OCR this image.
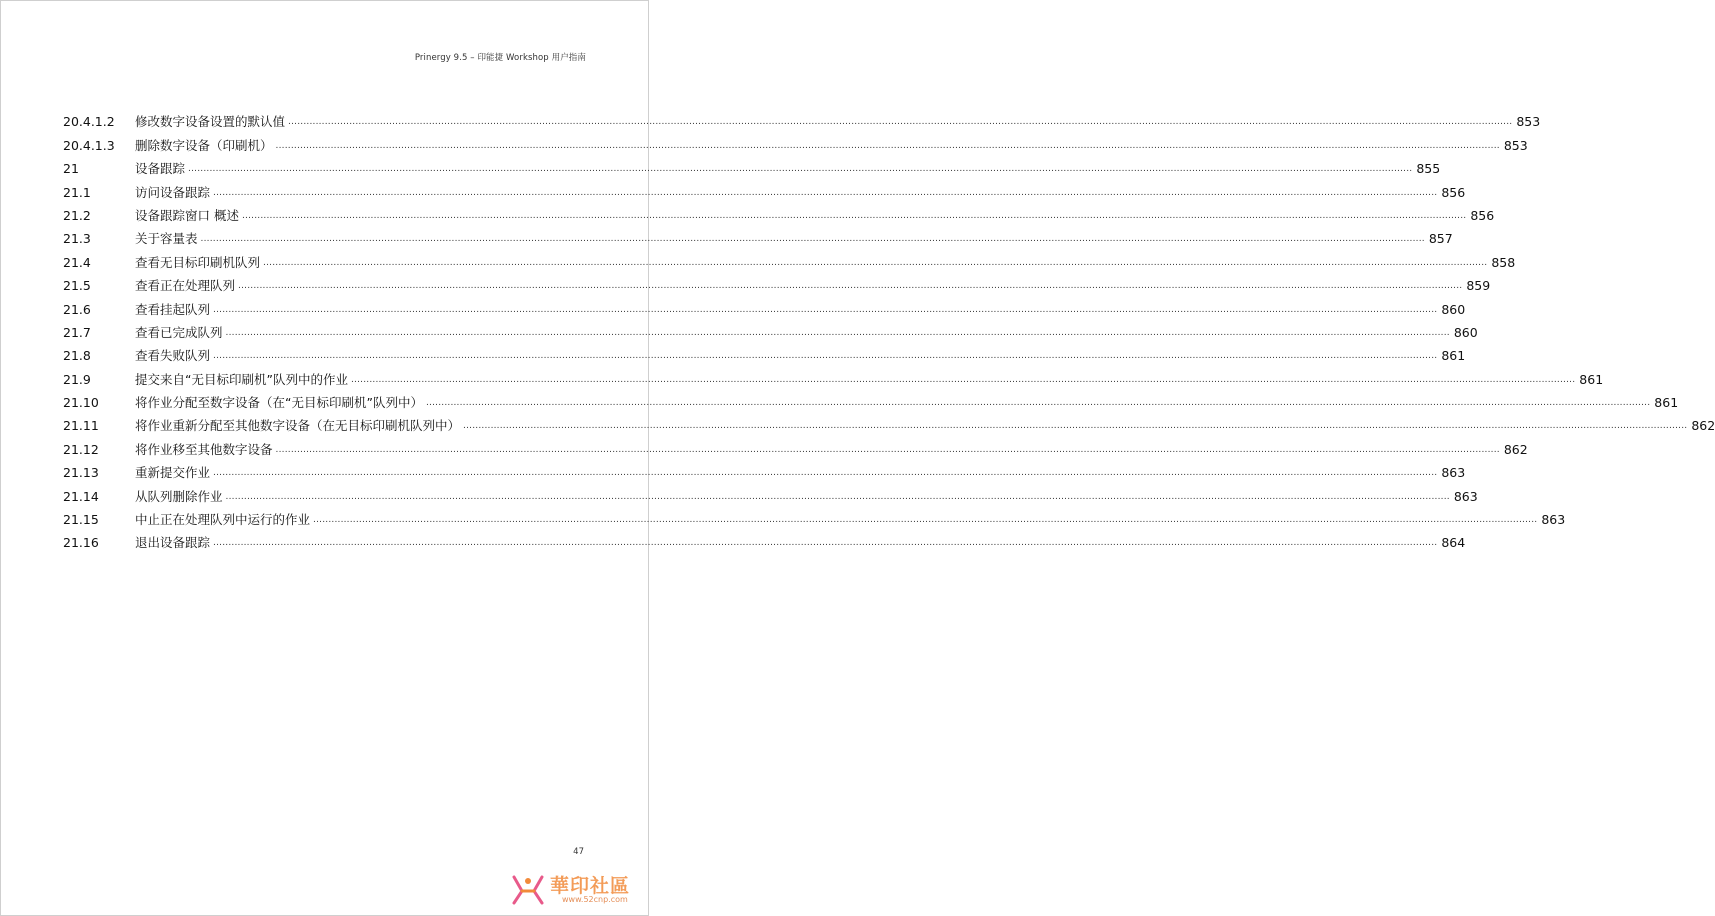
Prinergy 9.5 – 印能捷 Workshop 用户指南
20.4.1.2	修改数字设备设置的默认值 ................................................................................................................................................................................................................................................................................................................................................................................................................ 853
20.4.1.3	删除数字设备（印刷机） ................................................................................................................................................................................................................................................................................................................................................................................................................ 853
21	设备跟踪 ................................................................................................................................................................................................................................................................................................................................................................................................................ 855
21.1	访问设备跟踪 ................................................................................................................................................................................................................................................................................................................................................................................................................ 856
21.2	设备跟踪窗口 概述 ................................................................................................................................................................................................................................................................................................................................................................................................................ 856
21.3	关于容量表 ................................................................................................................................................................................................................................................................................................................................................................................................................ 857
21.4	查看无目标印刷机队列 ................................................................................................................................................................................................................................................................................................................................................................................................................ 858
21.5	查看正在处理队列 ................................................................................................................................................................................................................................................................................................................................................................................................................ 859
21.6	查看挂起队列 ................................................................................................................................................................................................................................................................................................................................................................................................................ 860
21.7	查看已完成队列 ................................................................................................................................................................................................................................................................................................................................................................................................................ 860
21.8	查看失败队列 ................................................................................................................................................................................................................................................................................................................................................................................................................ 861
21.9	提交来自“无目标印刷机”队列中的作业 ................................................................................................................................................................................................................................................................................................................................................................................................................ 861
21.10	将作业分配至数字设备（在“无目标印刷机”队列中） ................................................................................................................................................................................................................................................................................................................................................................................................................ 861
21.11	将作业重新分配至其他数字设备（在无目标印刷机队列中） ................................................................................................................................................................................................................................................................................................................................................................................................................ 862
21.12	将作业移至其他数字设备 ................................................................................................................................................................................................................................................................................................................................................................................................................ 862
21.13	重新提交作业 ................................................................................................................................................................................................................................................................................................................................................................................................................ 863
21.14	从队列删除作业 ................................................................................................................................................................................................................................................................................................................................................................................................................ 863
21.15	中止正在处理队列中运行的作业 ................................................................................................................................................................................................................................................................................................................................................................................................................ 863
21.16	退出设备跟踪 ................................................................................................................................................................................................................................................................................................................................................................................................................ 864
47
華印社區
www.52cnp.com
